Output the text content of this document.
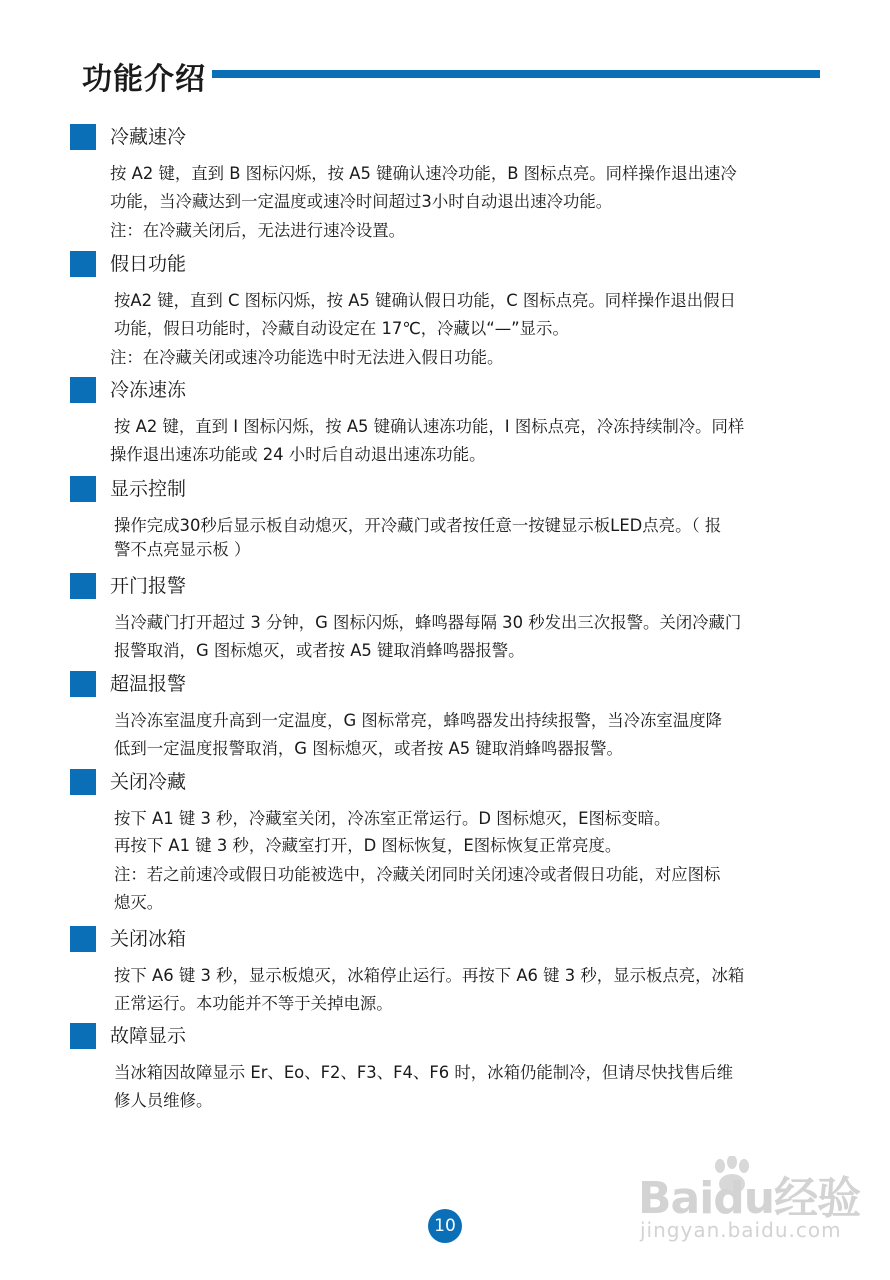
功能介绍
冷藏速冷
按 A2 键，直到 B 图标闪烁，按 A5 键确认速冷功能，B 图标点亮。同样操作退出速冷
功能，当冷藏达到一定温度或速冷时间超过3小时自动退出速冷功能。
注：在冷藏关闭后，无法进行速冷设置。
假日功能
按A2 键，直到 C 图标闪烁，按 A5 键确认假日功能，C 图标点亮。同样操作退出假日
功能，假日功能时，冷藏自动设定在 17℃，冷藏以“—”显示。
注：在冷藏关闭或速冷功能选中时无法进入假日功能。
冷冻速冻
按 A2 键，直到 I 图标闪烁，按 A5 键确认速冻功能，I 图标点亮，冷冻持续制冷。同样
操作退出速冻功能或 24 小时后自动退出速冻功能。
显示控制
操作完成30秒后显示板自动熄灭，开冷藏门或者按任意一按键显示板LED点亮。（ 报
警不点亮显示板 ）
开门报警
当冷藏门打开超过 3 分钟，G 图标闪烁，蜂鸣器每隔 30 秒发出三次报警。关闭冷藏门
报警取消，G 图标熄灭，或者按 A5 键取消蜂鸣器报警。
超温报警
当冷冻室温度升高到一定温度，G 图标常亮，蜂鸣器发出持续报警，当冷冻室温度降
低到一定温度报警取消，G 图标熄灭，或者按 A5 键取消蜂鸣器报警。
关闭冷藏
按下 A1 键 3 秒，冷藏室关闭，冷冻室正常运行。D 图标熄灭，E图标变暗。
再按下 A1 键 3 秒，冷藏室打开，D 图标恢复，E图标恢复正常亮度。
注：若之前速冷或假日功能被选中，冷藏关闭同时关闭速冷或者假日功能，对应图标
熄灭。
关闭冰箱
按下 A6 键 3 秒，显示板熄灭，冰箱停止运行。再按下 A6 键 3 秒，显示板点亮，冰箱
正常运行。本功能并不等于关掉电源。
故障显示
当冰箱因故障显示 Er、Eo、F2、F3、F4、F6 时，冰箱仍能制冷，但请尽快找售后维
修人员维修。
Baidu经验
jingyan.baidu.com
10
